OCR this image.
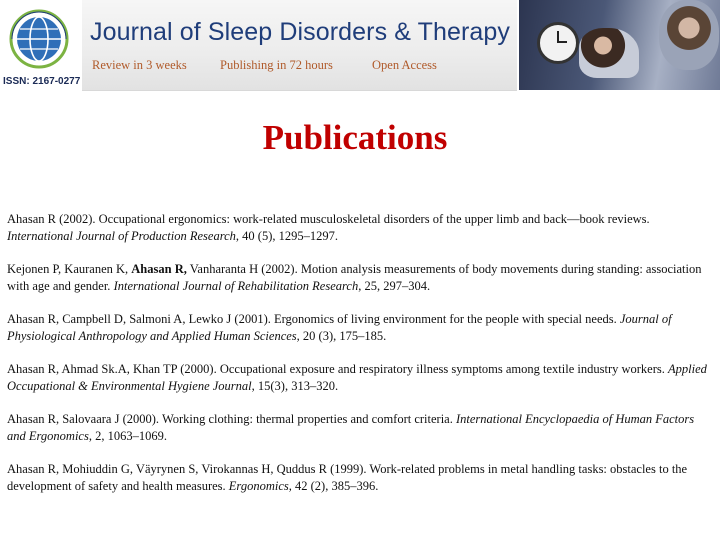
ISSN: 2167-0277
Journal of Sleep Disorders & Therapy
Review in 3 weeks	Publishing in 72 hours	Open Access
Publications

Ahasan R (2002). Occupational ergonomics: work-related musculoskeletal disorders of the upper limb and back—book reviews. International Journal of Production Research, 40 (5), 1295–1297.

Kejonen P, Kauranen K, Ahasan R, Vanharanta H (2002). Motion analysis measurements of body movements during standing: association with age and gender. International Journal of Rehabilitation Research, 25, 297–304.

Ahasan R, Campbell D, Salmoni A, Lewko J (2001). Ergonomics of living environment for the people with special needs. Journal of Physiological Anthropology and Applied Human Sciences, 20 (3), 175–185.

Ahasan R, Ahmad Sk.A, Khan TP (2000). Occupational exposure and respiratory illness symptoms among textile industry workers. Applied Occupational & Environmental Hygiene Journal, 15(3), 313–320.

Ahasan R, Salovaara J (2000). Working clothing: thermal properties and comfort criteria. International Encyclopaedia of Human Factors and Ergonomics, 2, 1063–1069.

Ahasan R, Mohiuddin G, Väyrynen S, Virokannas H, Quddus R (1999). Work-related problems in metal handling tasks: obstacles to the development of safety and health measures. Ergonomics, 42 (2), 385–396.
